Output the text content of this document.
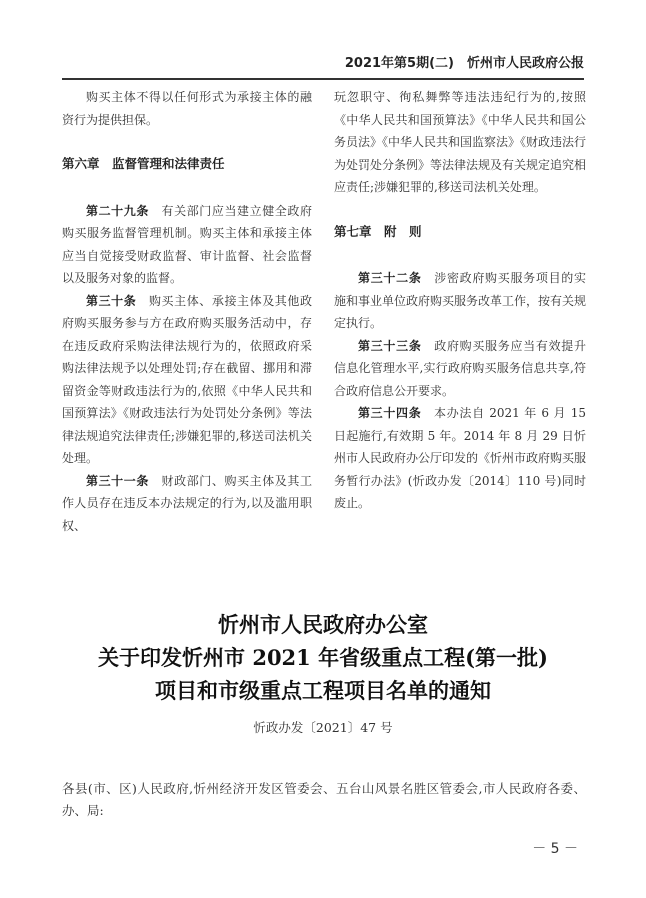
2021年第5期(二)　忻州市人民政府公报

购买主体不得以任何形式为承接主体的融资行为提供担保。

第六章　监督管理和法律责任

第二十九条　有关部门应当建立健全政府购买服务监督管理机制。购买主体和承接主体应当自觉接受财政监督、审计监督、社会监督以及服务对象的监督。

第三十条　购买主体、承接主体及其他政府购买服务参与方在政府购买服务活动中，存在违反政府采购法律法规行为的，依照政府采购法律法规予以处理处罚;存在截留、挪用和滞留资金等财政违法行为的,依照《中华人民共和国预算法》《财政违法行为处罚处分条例》等法律法规追究法律责任;涉嫌犯罪的,移送司法机关处理。

第三十一条　财政部门、购买主体及其工作人员存在违反本办法规定的行为,以及滥用职权、

玩忽职守、徇私舞弊等违法违纪行为的,按照《中华人民共和国预算法》《中华人民共和国公务员法》《中华人民共和国监察法》《财政违法行为处罚处分条例》等法律法规及有关规定追究相应责任;涉嫌犯罪的,移送司法机关处理。

第七章　附　则

第三十二条　涉密政府购买服务项目的实施和事业单位政府购买服务改革工作，按有关规定执行。

第三十三条　政府购买服务应当有效提升信息化管理水平,实行政府购买服务信息共享,符合政府信息公开要求。

第三十四条　本办法自 2021 年 6 月 15 日起施行,有效期 5 年。2014 年 8 月 29 日忻州市人民政府办公厅印发的《忻州市政府购买服务暂行办法》(忻政办发〔2014〕110 号)同时废止。

忻州市人民政府办公室
关于印发忻州市 2021 年省级重点工程(第一批)
项目和市级重点工程项目名单的通知
忻政办发〔2021〕47 号
各县(市、区)人民政府,忻州经济开发区管委会、五台山风景名胜区管委会,市人民政府各委、办、局:
－ 5 －
